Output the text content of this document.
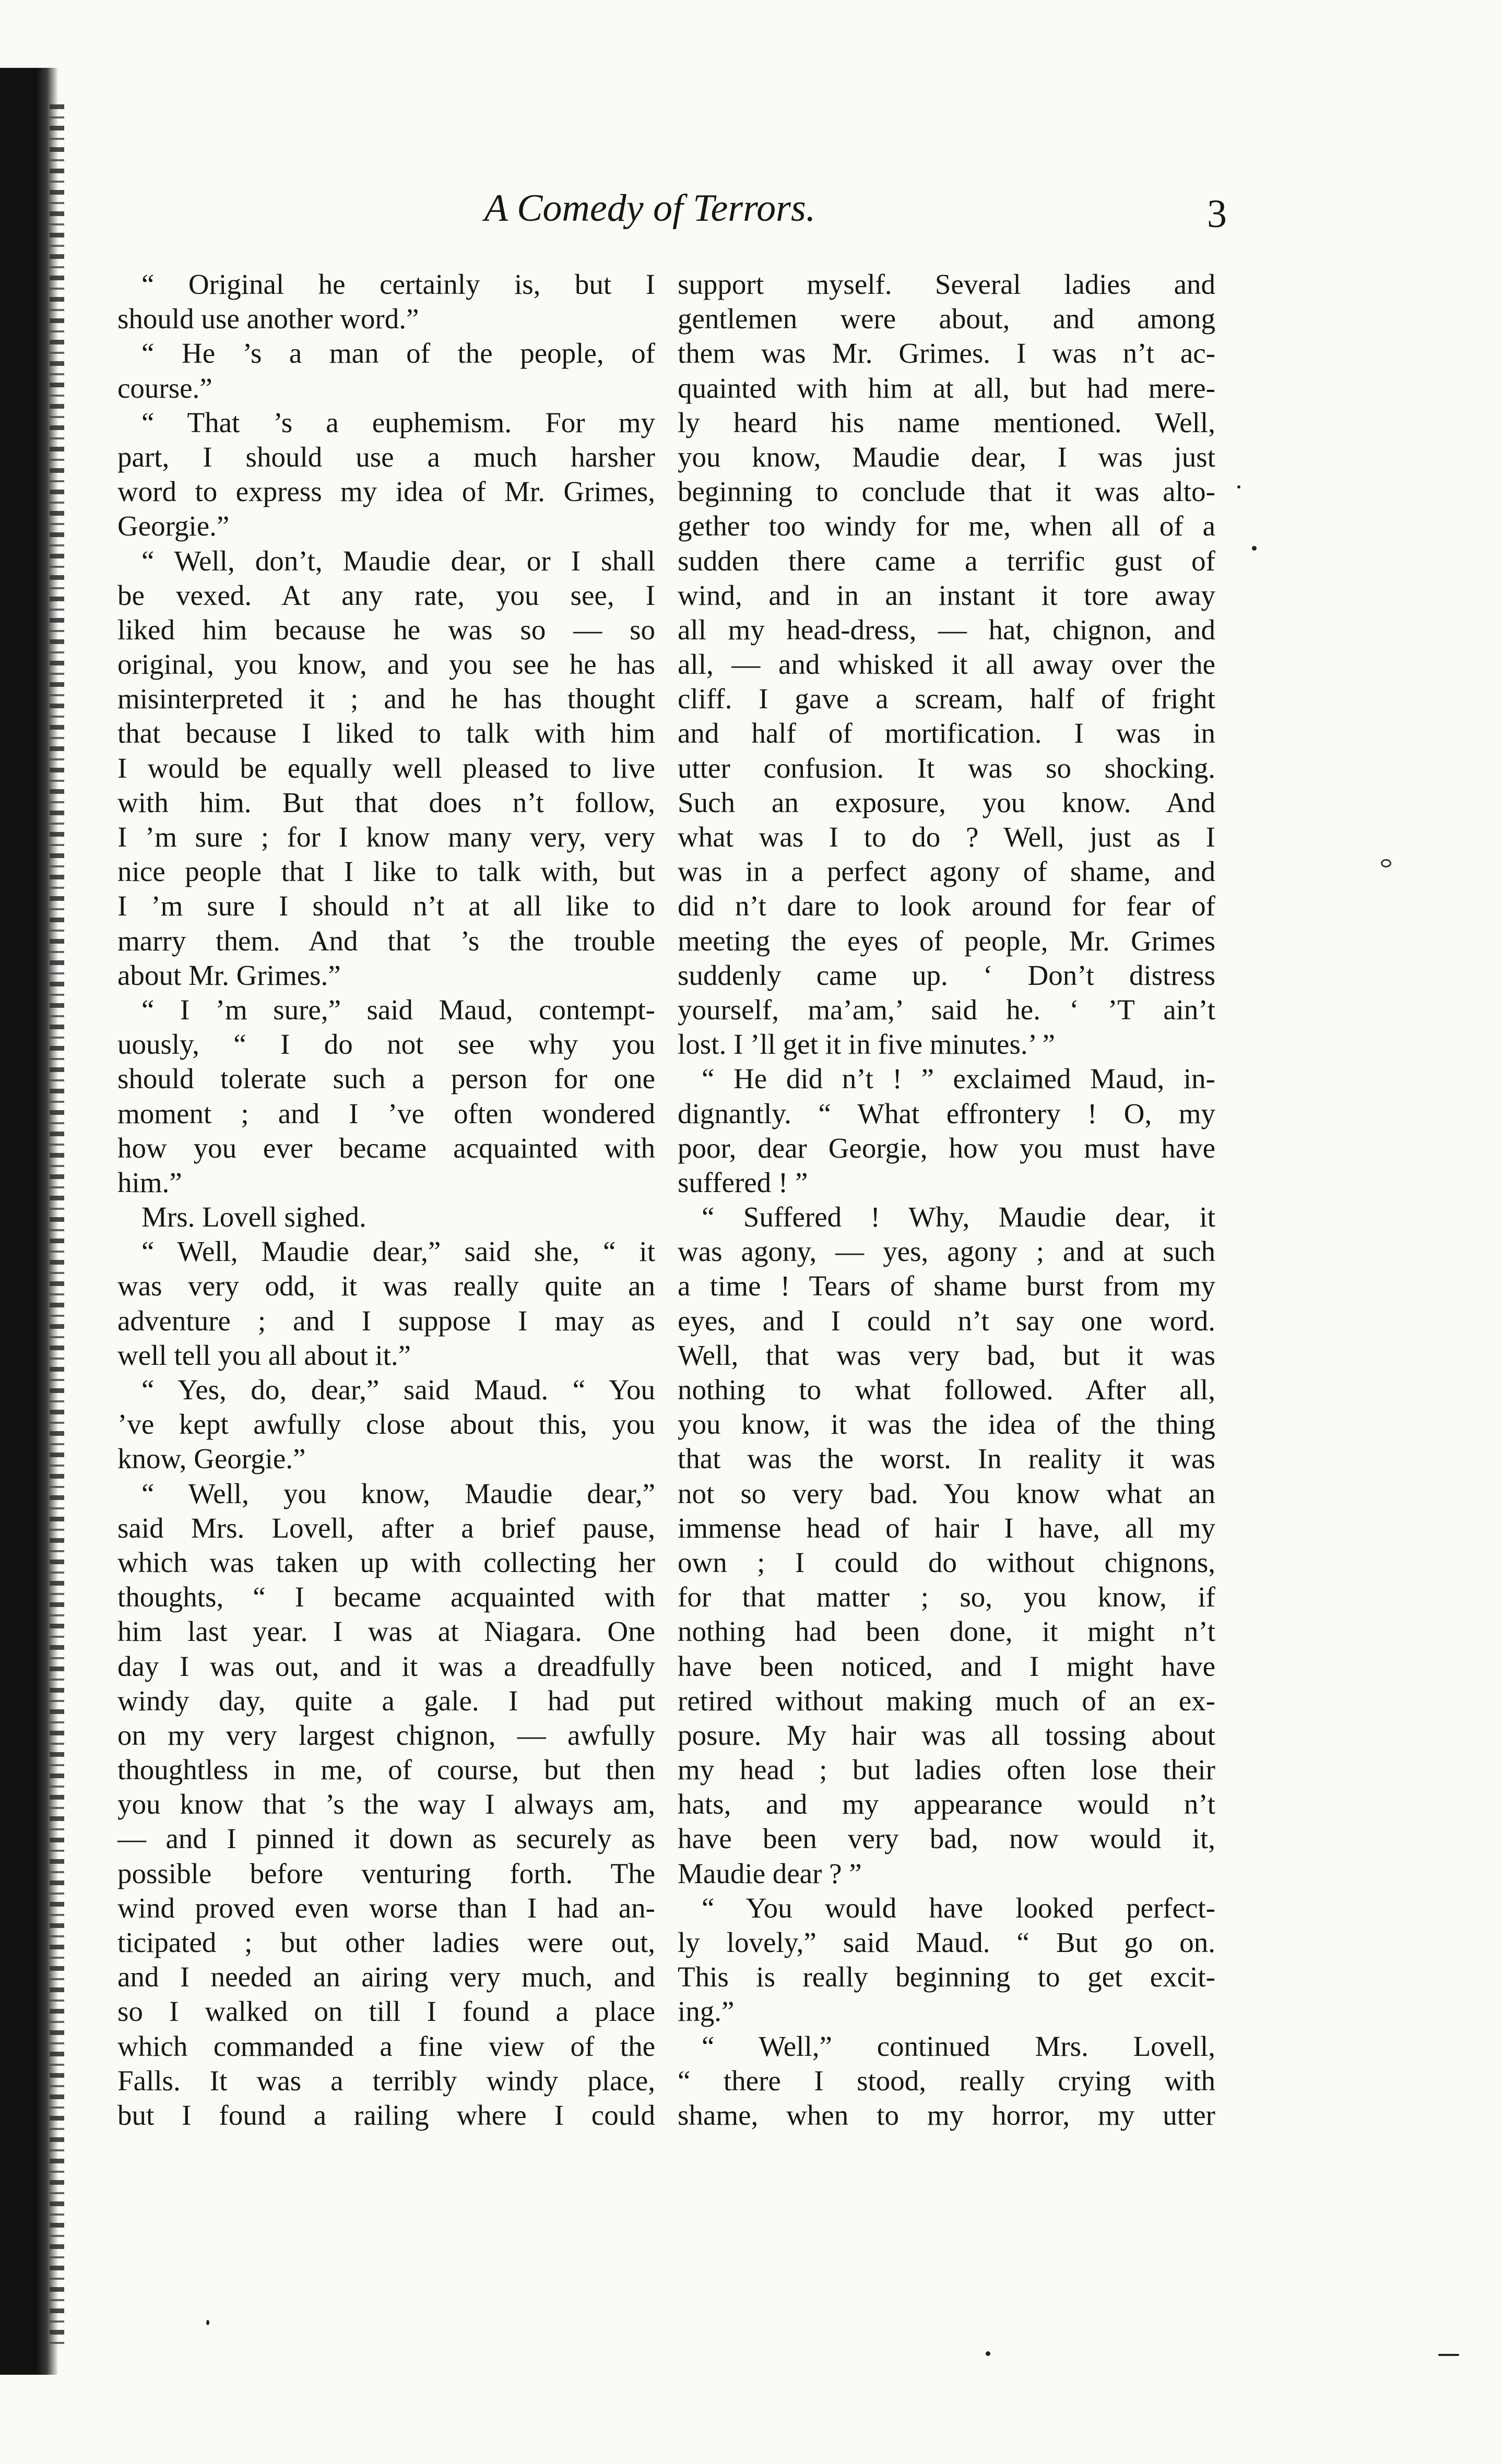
A Comedy of Terrors.	3
“ Original he certainly is, but I
should use another word.”
“ He ’s a man of the people, of
course.”
“ That ’s a euphemism. For my
part, I should use a much harsher
word to express my idea of Mr. Grimes,
Georgie.”
“ Well, don’t, Maudie dear, or I shall
be vexed. At any rate, you see, I
liked him because he was so — so
original, you know, and you see he has
misinterpreted it ; and he has thought
that because I liked to talk with him
I would be equally well pleased to live
with him. But that does n’t follow,
I ’m sure ; for I know many very, very
nice people that I like to talk with, but
I ’m sure I should n’t at all like to
marry them. And that ’s the trouble
about Mr. Grimes.”
“ I ’m sure,” said Maud, contempt-
uously, “ I do not see why you
should tolerate such a person for one
moment ; and I ’ve often wondered
how you ever became acquainted with
him.”
Mrs. Lovell sighed.
“ Well, Maudie dear,” said she, “ it
was very odd, it was really quite an
adventure ; and I suppose I may as
well tell you all about it.”
“ Yes, do, dear,” said Maud. “ You
’ve kept awfully close about this, you
know, Georgie.”
“ Well, you know, Maudie dear,”
said Mrs. Lovell, after a brief pause,
which was taken up with collecting her
thoughts, “ I became acquainted with
him last year. I was at Niagara. One
day I was out, and it was a dreadfully
windy day, quite a gale. I had put
on my very largest chignon, — awfully
thoughtless in me, of course, but then
you know that ’s the way I always am,
— and I pinned it down as securely as
possible before venturing forth. The
wind proved even worse than I had an-
ticipated ; but other ladies were out,
and I needed an airing very much, and
so I walked on till I found a place
which commanded a fine view of the
Falls. It was a terribly windy place,
but I found a railing where I could
support myself. Several ladies and
gentlemen were about, and among
them was Mr. Grimes. I was n’t ac-
quainted with him at all, but had mere-
ly heard his name mentioned. Well,
you know, Maudie dear, I was just
beginning to conclude that it was alto-
gether too windy for me, when all of a
sudden there came a terrific gust of
wind, and in an instant it tore away
all my head-dress, — hat, chignon, and
all, — and whisked it all away over the
cliff. I gave a scream, half of fright
and half of mortification. I was in
utter confusion. It was so shocking.
Such an exposure, you know. And
what was I to do ? Well, just as I
was in a perfect agony of shame, and
did n’t dare to look around for fear of
meeting the eyes of people, Mr. Grimes
suddenly came up. ‘ Don’t distress
yourself, ma’am,’ said he. ‘ ’T ain’t
lost. I ’ll get it in five minutes.’ ”
“ He did n’t ! ” exclaimed Maud, in-
dignantly. “ What effrontery ! O, my
poor, dear Georgie, how you must have
suffered ! ”
“ Suffered ! Why, Maudie dear, it
was agony, — yes, agony ; and at such
a time ! Tears of shame burst from my
eyes, and I could n’t say one word.
Well, that was very bad, but it was
nothing to what followed. After all,
you know, it was the idea of the thing
that was the worst. In reality it was
not so very bad. You know what an
immense head of hair I have, all my
own ; I could do without chignons,
for that matter ; so, you know, if
nothing had been done, it might n’t
have been noticed, and I might have
retired without making much of an ex-
posure. My hair was all tossing about
my head ; but ladies often lose their
hats, and my appearance would n’t
have been very bad, now would it,
Maudie dear ? ”
“ You would have looked perfect-
ly lovely,” said Maud. “ But go on.
This is really beginning to get excit-
ing.”
“ Well,” continued Mrs. Lovell,
“ there I stood, really crying with
shame, when to my horror, my utter
